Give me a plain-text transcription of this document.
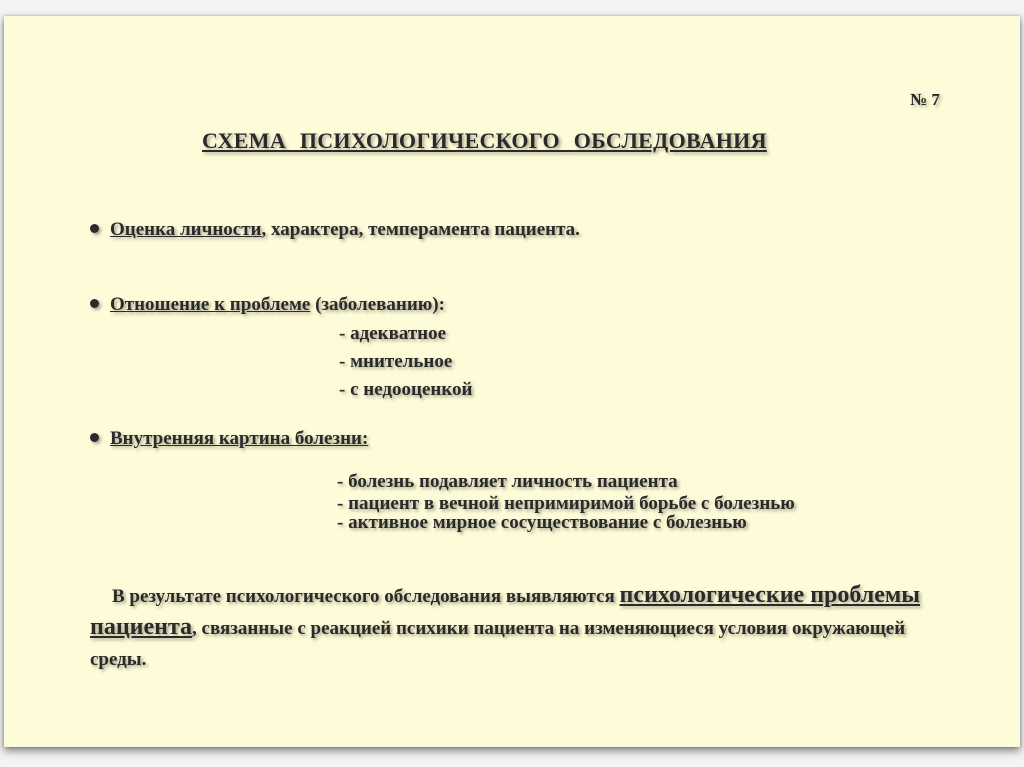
№ 7
СХЕМА ПСИХОЛОГИЧЕСКОГО ОБСЛЕДОВАНИЯ
Оценка личности, характера, темперамента пациента.
Отношение к проблеме (заболеванию):
- адекватное
- мнительное
- с недооценкой
Внутренняя картина болезни:
- болезнь подавляет личность пациента
- пациент в вечной непримиримой борьбе с болезнью
- активное мирное сосуществование с болезнью
В результате психологического обследования выявляются психологические проблемы пациента, связанные с реакцией психики пациента на изменяющиеся условия окружающей среды.
